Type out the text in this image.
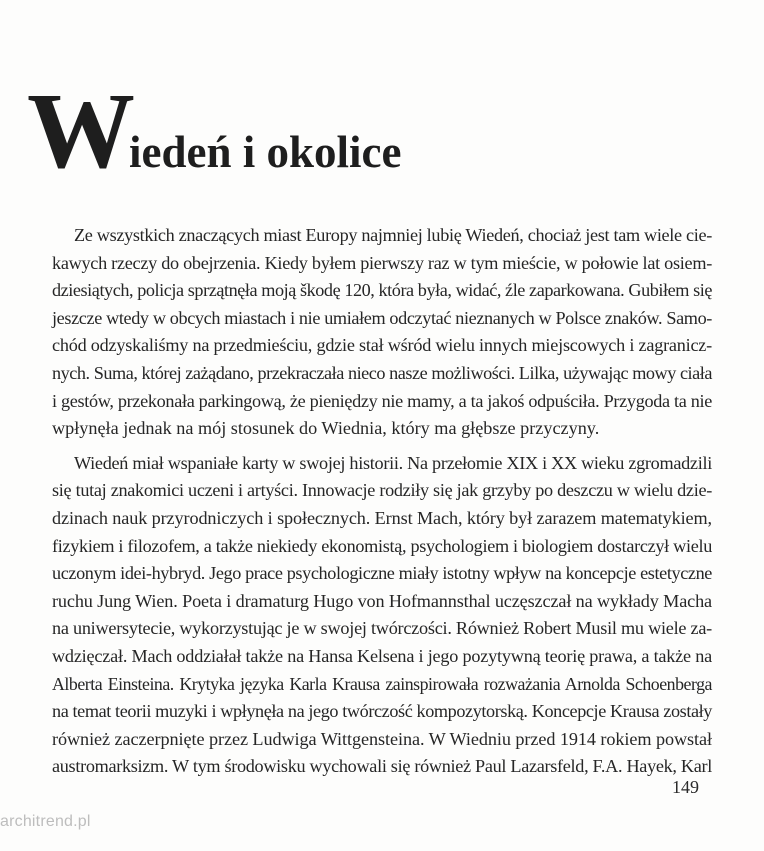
Wiedeń i okolice

Ze wszystkich znaczących miast Europy najmniej lubię Wiedeń, chociaż jest tam wiele cie-
kawych rzeczy do obejrzenia. Kiedy byłem pierwszy raz w tym mieście, w połowie lat osiem-
dziesiątych, policja sprzątnęła moją škodę 120, która była, widać, źle zaparkowana. Gubiłem się
jeszcze wtedy w obcych miastach i nie umiałem odczytać nieznanych w Polsce znaków. Samo-
chód odzyskaliśmy na przedmieściu, gdzie stał wśród wielu innych miejscowych i zagranicz-
nych. Suma, której zażądano, przekraczała nieco nasze możliwości. Lilka, używając mowy ciała
i gestów, przekonała parkingową, że pieniędzy nie mamy, a ta jakoś odpuściła. Przygoda ta nie
wpłynęła jednak na mój stosunek do Wiednia, który ma głębsze przyczyny.

Wiedeń miał wspaniałe karty w swojej historii. Na przełomie XIX i XX wieku zgromadzili
się tutaj znakomici uczeni i artyści. Innowacje rodziły się jak grzyby po deszczu w wielu dzie-
dzinach nauk przyrodniczych i społecznych. Ernst Mach, który był zarazem matematykiem,
fizykiem i filozofem, a także niekiedy ekonomistą, psychologiem i biologiem dostarczył wielu
uczonym idei-hybryd. Jego prace psychologiczne miały istotny wpływ na koncepcje estetyczne
ruchu Jung Wien. Poeta i dramaturg Hugo von Hofmannsthal uczęszczał na wykłady Macha
na uniwersytecie, wykorzystując je w swojej twórczości. Również Robert Musil mu wiele za-
wdzięczał. Mach oddziałał także na Hansa Kelsena i jego pozytywną teorię prawa, a także na
Alberta Einsteina. Krytyka języka Karla Krausa zainspirowała rozważania Arnolda Schoenberga
na temat teorii muzyki i wpłynęła na jego twórczość kompozytorską. Koncepcje Krausa zostały
również zaczerpnięte przez Ludwiga Wittgensteina. W Wiedniu przed 1914 rokiem powstał
austromarksizm. W tym środowisku wychowali się również Paul Lazarsfeld, F.A. Hayek, Karl

149
architrend.pl
